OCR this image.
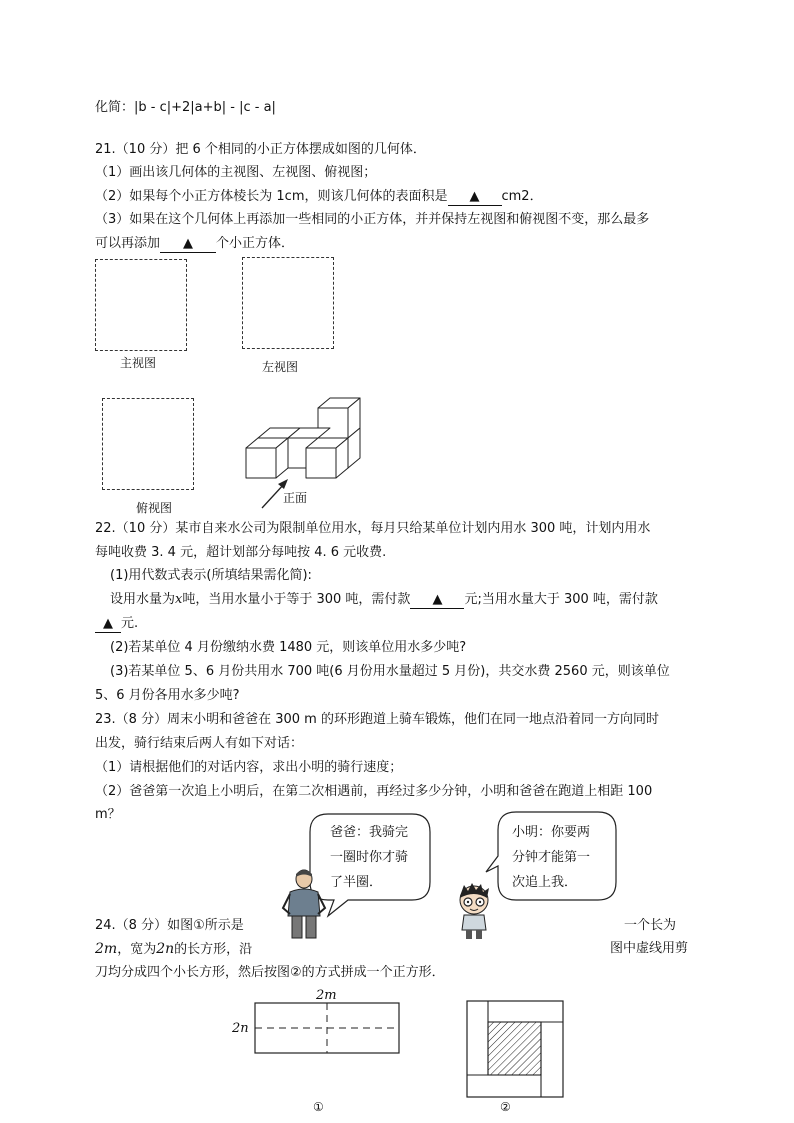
化简：|b - c|+2|a+b| - |c - a|
21.（10 分）把 6 个相同的小正方体摆成如图的几何体．
（1）画出该几何体的主视图、左视图、俯视图；
（2）如果每个小正方体棱长为 1cm，则该几何体的表面积是 ▲ cm2．
（3）如果在这个几何体上再添加一些相同的小正方体，并并保持左视图和俯视图不变，那么最多
可以再添加 ▲ 个小正方体．
主视图	左视图
俯视图
正面
22.（10 分）某市自来水公司为限制单位用水，每月只给某单位计划内用水 300 吨，计划内用水
每吨收费 3. 4 元，超计划部分每吨按 4. 6 元收费.
(1)用代数式表示(所填结果需化简):
设用水量为x吨，当用水量小于等于 300 吨，需付款 ▲ 元;当用水量大于 300 吨，需付款
▲ 元.
(2)若某单位 4 月份缴纳水费 1480 元，则该单位用水多少吨?
(3)若某单位 5、6 月份共用水 700 吨(6 月份用水量超过 5 月份)，共交水费 2560 元，则该单位
5、6 月份各用水多少吨?
23.（8 分）周末小明和爸爸在 300 m 的环形跑道上骑车锻炼，他们在同一地点沿着同一方向同时
出发，骑行结束后两人有如下对话：
（1）请根据他们的对话内容，求出小明的骑行速度；
（2）爸爸第一次追上小明后，在第二次相遇前，再经过多少分钟，小明和爸爸在跑道上相距 100
m？
爸爸：我骑完
一圈时你才骑
了半圈．
小明：你要两
分钟才能第一
次追上我．
24.（8 分）如图①所示是	一个长为
2m，宽为2n的长方形，沿	图中虚线用剪
刀均分成四个小长方形，然后按图②的方式拼成一个正方形．
2m
2n
①	②
